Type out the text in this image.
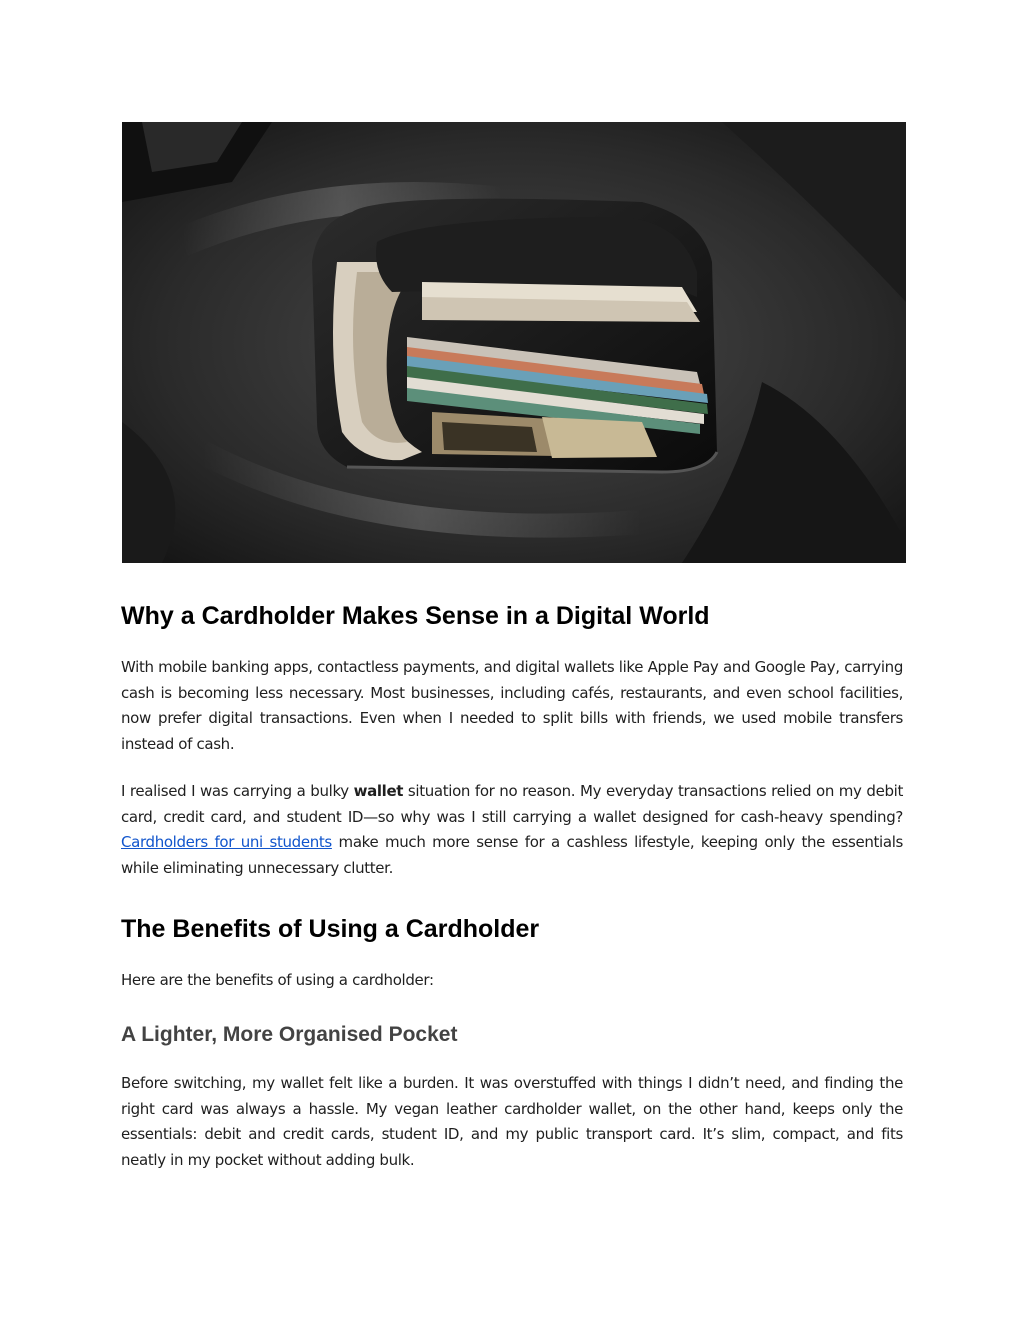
Why a Cardholder Makes Sense in a Digital World

With mobile banking apps, contactless payments, and digital wallets like Apple Pay and Google Pay, carrying cash is becoming less necessary. Most businesses, including cafés, restaurants, and even school facilities, now prefer digital transactions. Even when I needed to split bills with friends, we used mobile transfers instead of cash.

I realised I was carrying a bulky wallet situation for no reason. My everyday transactions relied on my debit card, credit card, and student ID—so why was I still carrying a wallet designed for cash-heavy spending? Cardholders for uni students make much more sense for a cashless lifestyle, keeping only the essentials while eliminating unnecessary clutter.

The Benefits of Using a Cardholder

Here are the benefits of using a cardholder:

A Lighter, More Organised Pocket

Before switching, my wallet felt like a burden. It was overstuffed with things I didn’t need, and finding the right card was always a hassle. My vegan leather cardholder wallet, on the other hand, keeps only the essentials: debit and credit cards, student ID, and my public transport card. It’s slim, compact, and fits neatly in my pocket without adding bulk.
